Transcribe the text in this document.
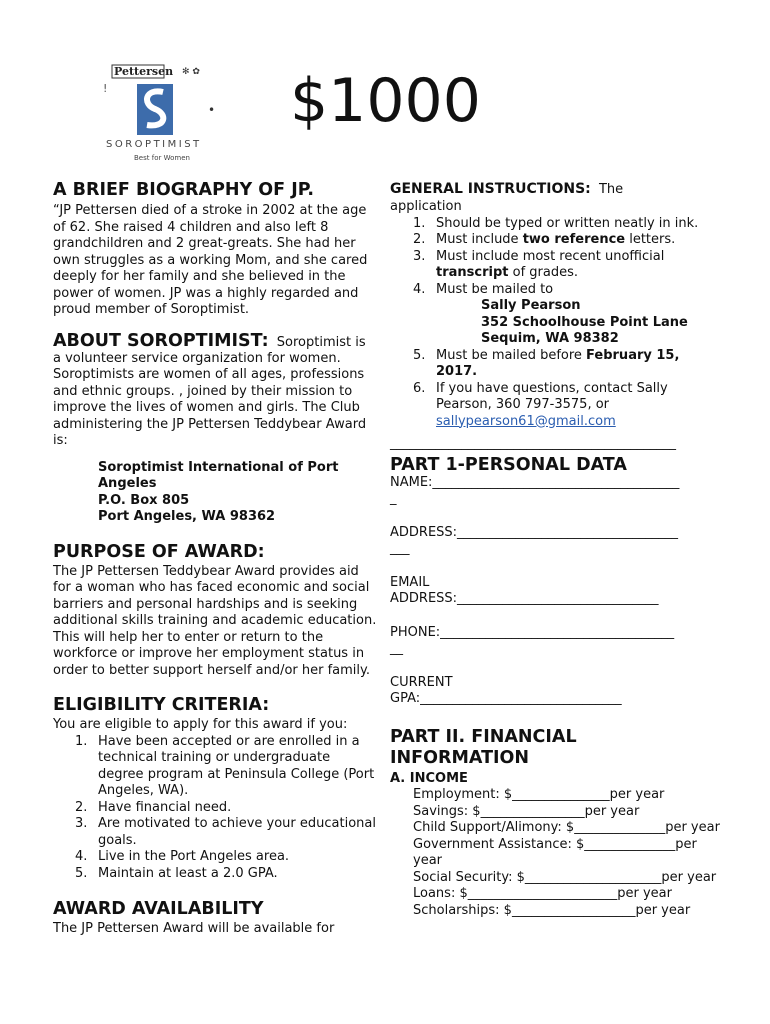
✻ ✿
!
•
Pettersen
SOROPTIMIST
Best for Women
$1000
A BRIEF BIOGRAPHY OF JP.

“JP Pettersen died of a stroke in 2002 at the age of 62. She raised 4 children and also left 8 grandchildren and 2 great-greats. She had her own struggles as a working Mom, and she cared deeply for her family and she believed in the power of women. JP was a highly regarded and proud member of Soroptimist.

ABOUT SOROPTIMIST: Soroptimist is

a volunteer service organization for women. Soroptimists are women of all ages, professions and ethnic groups. , joined by their mission to improve the lives of women and girls. The Club administering the JP Pettersen Teddybear Award is:

Soroptimist International of Port Angeles

P.O. Box 805

Port Angeles, WA 98362

PURPOSE OF AWARD:

The JP Pettersen Teddybear Award provides aid for a woman who has faced economic and social barriers and personal hardships and is seeking additional skills training and academic education. This will help her to enter or return to the workforce or improve her employment status in order to better support herself and/or her family.

ELIGIBILITY CRITERIA:

You are eligible to apply for this award if you:

1. Have been accepted or are enrolled in a technical training or undergraduate degree program at Peninsula College (Port Angeles, WA).
2. Have financial need.
3. Are motivated to achieve your educational goals.
4. Live in the Port Angeles area.
5. Maintain at least a 2.0 GPA.
AWARD AVAILABILITY

The JP Pettersen Award will be available for

GENERAL INSTRUCTIONS: The

application

1. Should be typed or written neatly in ink.
2. Must include two reference letters.
3. Must include most recent unofficial transcript of grades.
4. Must be mailed to
Sally Pearson
352 Schoolhouse Point Lane
Sequim, WA 98382
5. Must be mailed before February 15, 2017.
6. If you have questions, contact Sally Pearson, 360 797-3575, or
sallypearson61@gmail.com

____________________________________________

PART 1-PERSONAL DATA

NAME:______________________________________

_

ADDRESS:__________________________________

___

EMAIL

ADDRESS:_______________________________

PHONE:____________________________________

__

CURRENT

GPA:_______________________________

PART II. FINANCIAL INFORMATION

A. INCOME

Employment: $_______________per year

Savings: $________________per year

Child Support/Alimony: $______________per year

Government Assistance: $______________per year

Social Security: $_____________________per year

Loans: $_______________________per year

Scholarships: $___________________per year
